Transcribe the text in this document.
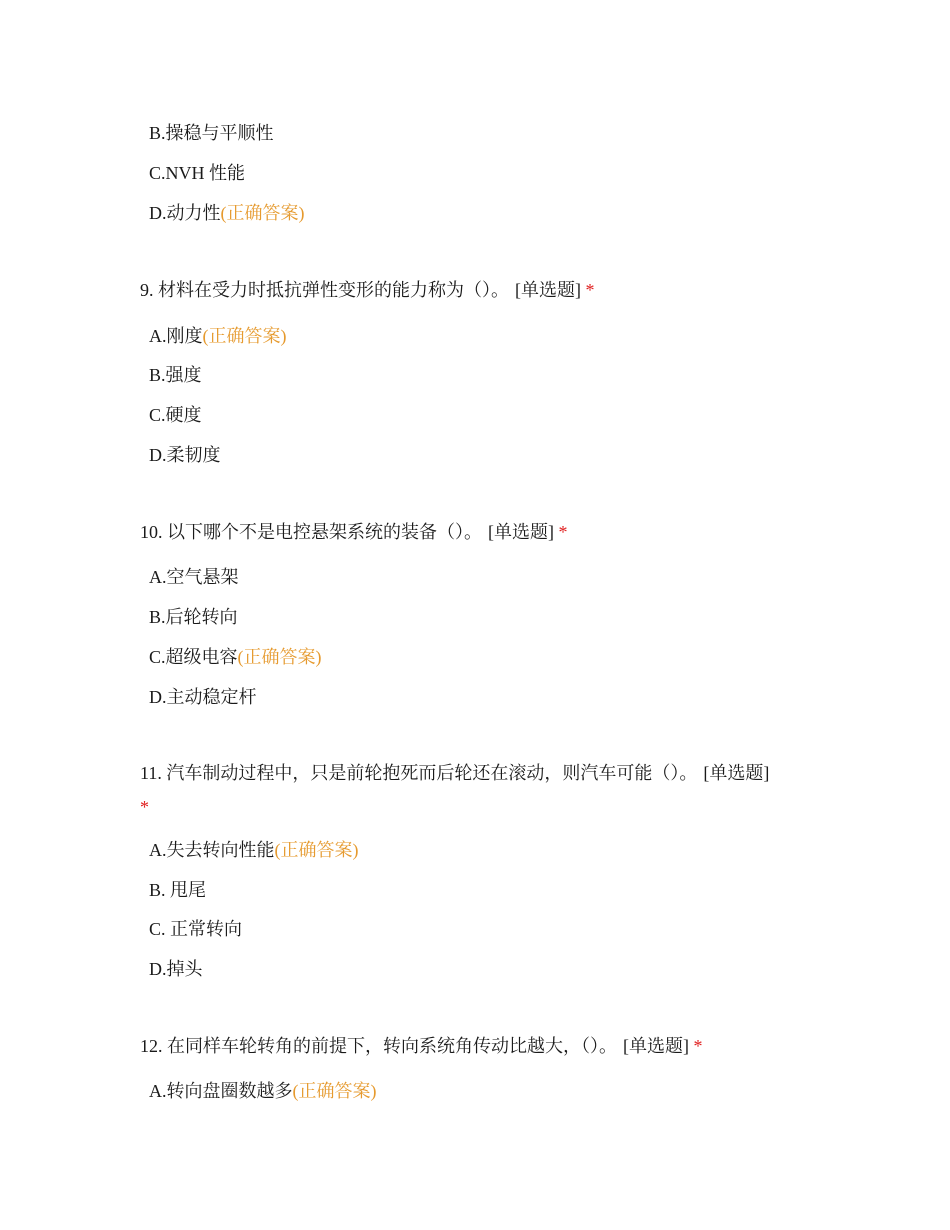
B.操稳与平顺性
C.NVH 性能
D.动力性(正确答案)
9. 材料在受力时抵抗弹性变形的能力称为（）。 [单选题] *
A.刚度(正确答案)
B.强度
C.硬度
D.柔韧度
10. 以下哪个不是电控悬架系统的装备（）。 [单选题] *
A.空气悬架
B.后轮转向
C.超级电容(正确答案)
D.主动稳定杆
11. 汽车制动过程中，只是前轮抱死而后轮还在滚动，则汽车可能（）。 [单选题]
*
A.失去转向性能(正确答案)
B. 甩尾
C. 正常转向
D.掉头
12. 在同样车轮转角的前提下，转向系统角传动比越大，（）。 [单选题] *
A.转向盘圈数越多(正确答案)
